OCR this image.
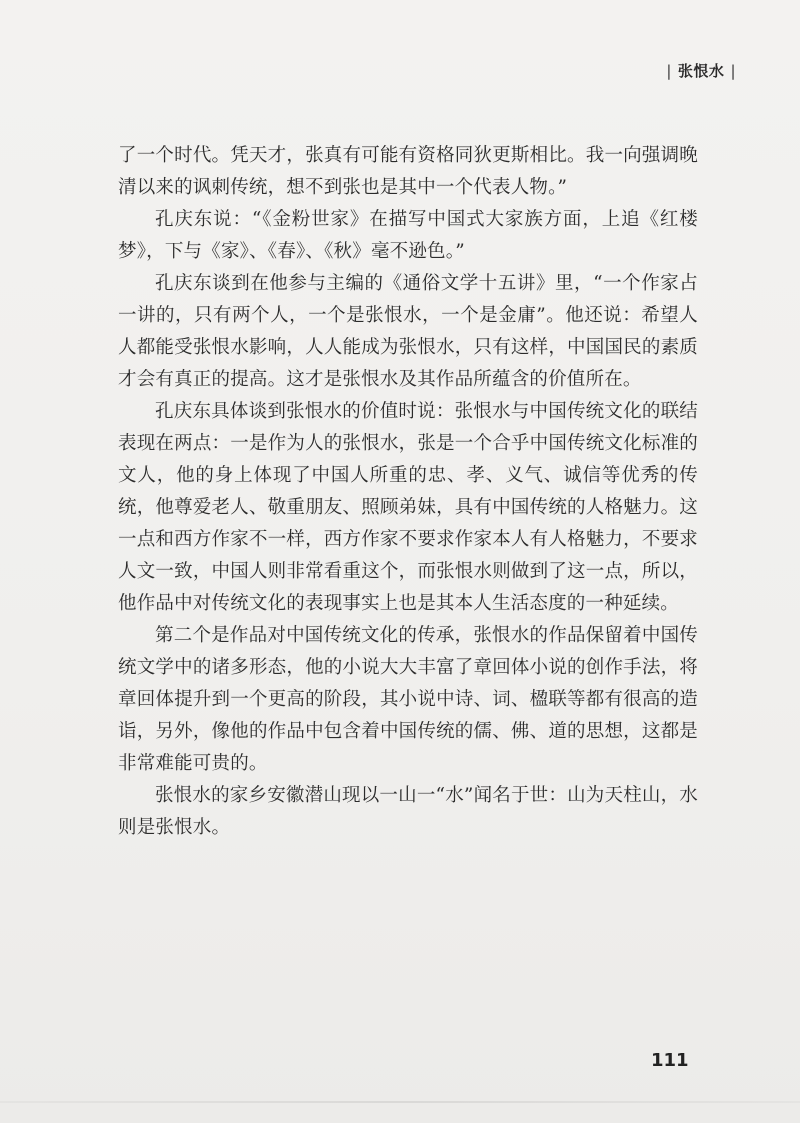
| 张恨水 |

了一个时代。凭天才，张真有可能有资格同狄更斯相比。我一向强调晚清以来的讽刺传统，想不到张也是其中一个代表人物。”

孔庆东说：“《金粉世家》在描写中国式大家族方面，上追《红楼梦》，下与《家》、《春》、《秋》毫不逊色。”

孔庆东谈到在他参与主编的《通俗文学十五讲》里，“一个作家占一讲的，只有两个人，一个是张恨水，一个是金庸”。他还说：希望人人都能受张恨水影响，人人能成为张恨水，只有这样，中国国民的素质才会有真正的提高。这才是张恨水及其作品所蕴含的价值所在。

孔庆东具体谈到张恨水的价值时说：张恨水与中国传统文化的联结表现在两点：一是作为人的张恨水，张是一个合乎中国传统文化标准的文人，他的身上体现了中国人所重的忠、孝、义气、诚信等优秀的传统，他尊爱老人、敬重朋友、照顾弟妹，具有中国传统的人格魅力。这一点和西方作家不一样，西方作家不要求作家本人有人格魅力，不要求人文一致，中国人则非常看重这个，而张恨水则做到了这一点，所以，他作品中对传统文化的表现事实上也是其本人生活态度的一种延续。

第二个是作品对中国传统文化的传承，张恨水的作品保留着中国传统文学中的诸多形态，他的小说大大丰富了章回体小说的创作手法，将章回体提升到一个更高的阶段，其小说中诗、词、楹联等都有很高的造诣，另外，像他的作品中包含着中国传统的儒、佛、道的思想，这都是非常难能可贵的。

张恨水的家乡安徽潜山现以一山一“水”闻名于世：山为天柱山，水则是张恨水。

111
